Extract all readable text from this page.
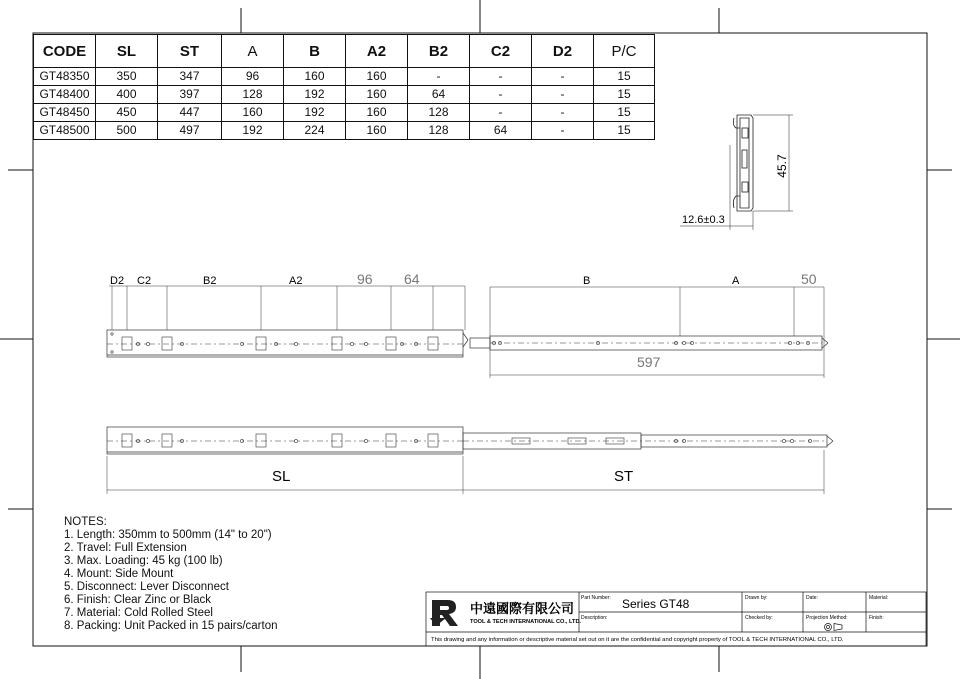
45.7
12.6±0.3
D2 C2	B2	A2	96 64	B	A	50
597
SL	ST
中遠國際有限公司
TOOL & TECH INTERNATIONAL CO., LTD.
Part Number:
Description:
Series GT48	Drawn by:
Checked by:
Date:
Projection Method:
Material:
Finish:
This drawing and any information or descriptive material set out on it are the confidential and copyright property of TOOL & TECH INTERNATIONAL CO., LTD.
CODE	SL	ST	A	B	A2	B2	C2	D2	P/C
GT48350	350	347	96	160	160	-	-	-	15
GT48400	400	397	128	192	160	64	-	-	15
GT48450	450	447	160	192	160	128	-	-	15
GT48500	500	497	192	224	160	128	64	-	15
NOTES:
1. Length: 350mm to 500mm (14" to 20")
2. Travel: Full Extension
3. Max. Loading: 45 kg (100 lb)
4. Mount: Side Mount
5. Disconnect: Lever Disconnect
6. Finish: Clear Zinc or Black
7. Material: Cold Rolled Steel
8. Packing: Unit Packed in 15 pairs/carton
